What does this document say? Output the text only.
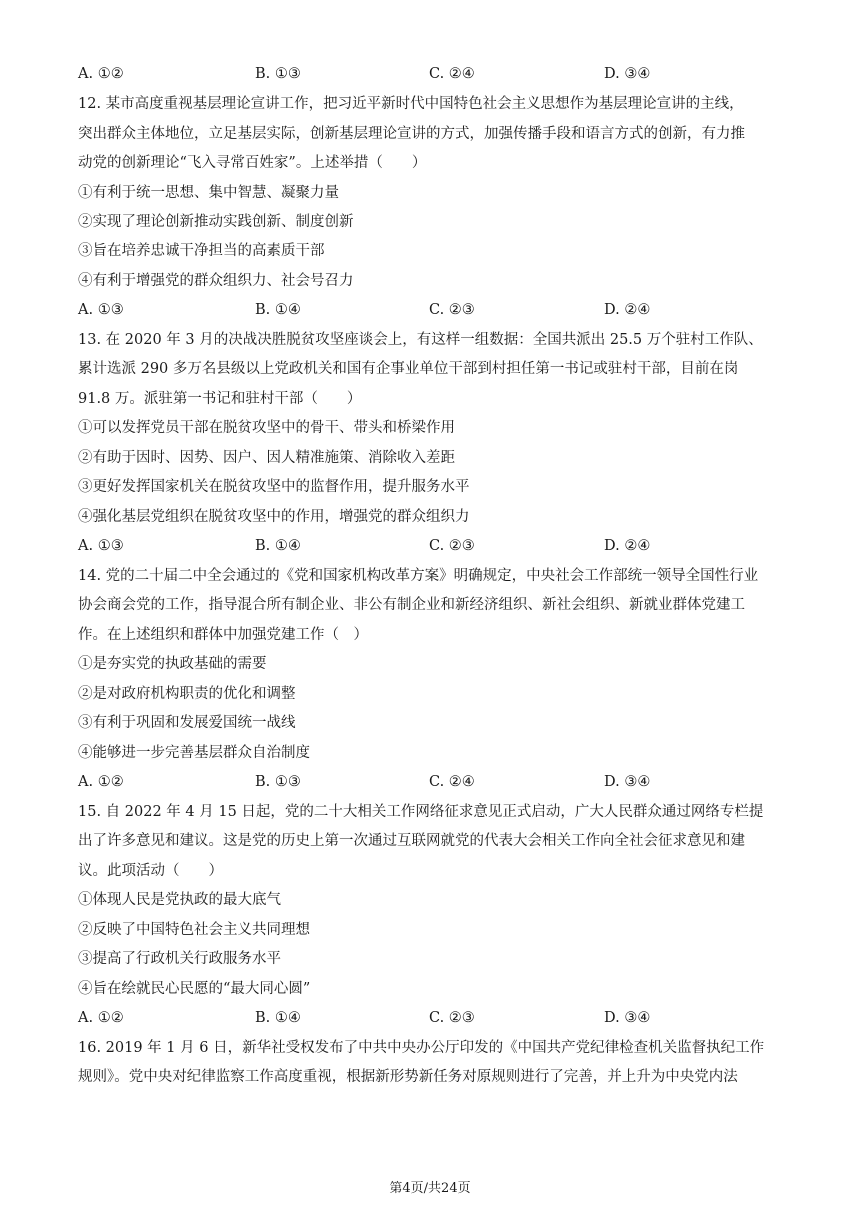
A. ①②	B. ①③	C. ②④	D. ③④
12. 某市高度重视基层理论宣讲工作，把习近平新时代中国特色社会主义思想作为基层理论宣讲的主线，
突出群众主体地位，立足基层实际，创新基层理论宣讲的方式，加强传播手段和语言方式的创新，有力推
动党的创新理论“飞入寻常百姓家”。上述举措（　　）
①有利于统一思想、集中智慧、凝聚力量
②实现了理论创新推动实践创新、制度创新
③旨在培养忠诚干净担当的高素质干部
④有利于增强党的群众组织力、社会号召力
A. ①③	B. ①④	C. ②③	D. ②④
13. 在 2020 年 3 月的决战决胜脱贫攻坚座谈会上，有这样一组数据：全国共派出 25.5 万个驻村工作队、
累计选派 290 多万名县级以上党政机关和国有企事业单位干部到村担任第一书记或驻村干部，目前在岗
91.8 万。派驻第一书记和驻村干部（　　）
①可以发挥党员干部在脱贫攻坚中的骨干、带头和桥梁作用
②有助于因时、因势、因户、因人精准施策、消除收入差距
③更好发挥国家机关在脱贫攻坚中的监督作用，提升服务水平
④强化基层党组织在脱贫攻坚中的作用，增强党的群众组织力
A. ①③	B. ①④	C. ②③	D. ②④
14. 党的二十届二中全会通过的《党和国家机构改革方案》明确规定，中央社会工作部统一领导全国性行业
协会商会党的工作，指导混合所有制企业、非公有制企业和新经济组织、新社会组织、新就业群体党建工
作。在上述组织和群体中加强党建工作（　）
①是夯实党的执政基础的需要
②是对政府机构职责的优化和调整
③有利于巩固和发展爱国统一战线
④能够进一步完善基层群众自治制度
A. ①②	B. ①③	C. ②④	D. ③④
15. 自 2022 年 4 月 15 日起，党的二十大相关工作网络征求意见正式启动，广大人民群众通过网络专栏提
出了许多意见和建议。这是党的历史上第一次通过互联网就党的代表大会相关工作向全社会征求意见和建
议。此项活动（　　）
①体现人民是党执政的最大底气
②反映了中国特色社会主义共同理想
③提高了行政机关行政服务水平
④旨在绘就民心民愿的“最大同心圆”
A. ①②	B. ①④	C. ②③	D. ③④
16. 2019 年 1 月 6 日，新华社受权发布了中共中央办公厅印发的《中国共产党纪律检查机关监督执纪工作
规则》。党中央对纪律监察工作高度重视，根据新形势新任务对原规则进行了完善，并上升为中央党内法
第4页/共24页
